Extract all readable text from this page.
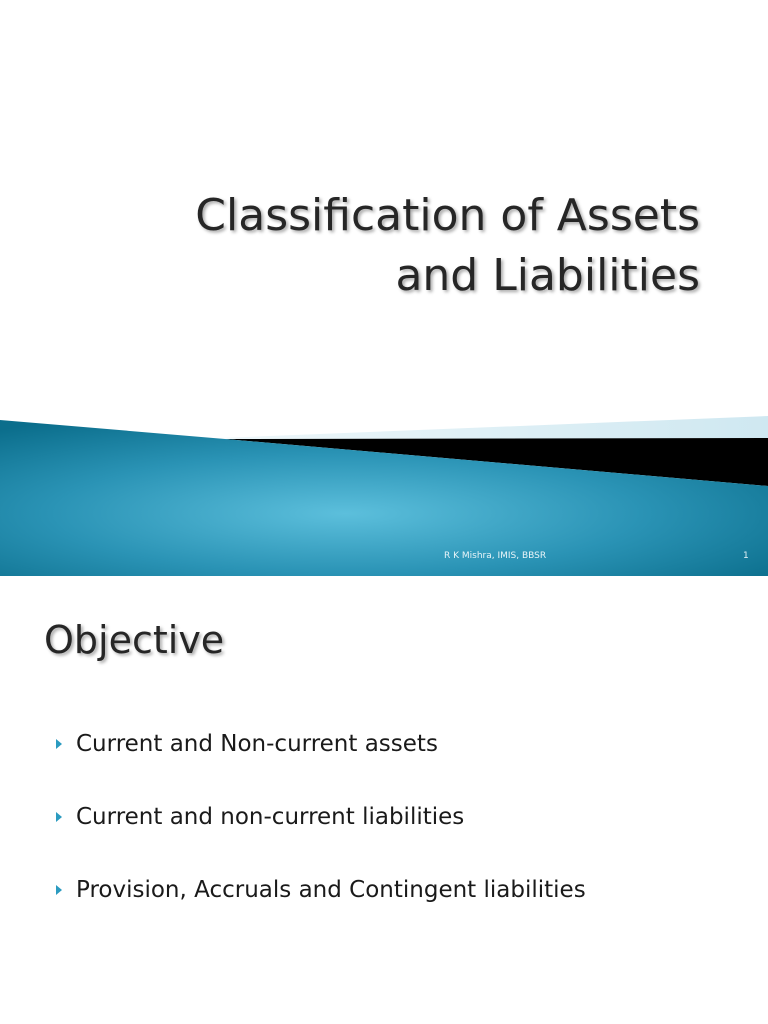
Classification of Assets
and Liabilities
R K Mishra, IMIS, BBSR	1
Objective
Current and Non-current assets
Current and non-current liabilities
Provision, Accruals and Contingent liabilities
